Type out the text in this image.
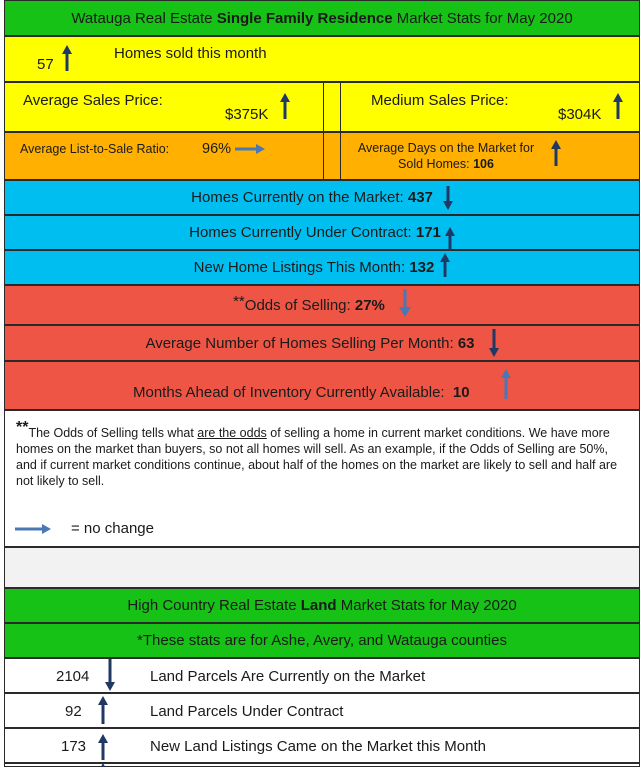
Watauga Real Estate Single Family Residence Market Stats for May 2020
57
Homes sold this month
Average Sales Price:
$375K
Medium Sales Price:
$304K
Average List-to-Sale Ratio: 96%	Average Days on the Market for
Sold Homes: 106
Homes Currently on the Market:
437
Homes Currently Under Contract:
171
New Home Listings This Month:
132
** Odds of Selling:
27%
Average Number of Homes Selling Per Month:
63
Months Ahead of Inventory Currently Available:  10
**The Odds of Selling tells what are the odds of selling a home in current market conditions. We have more homes on the market than buyers, so not all homes will sell. As an example, if the Odds of Selling are 50%, and if current market conditions continue, about half of the homes on the market are likely to sell and half are not likely to sell.
= no change
High Country Real Estate Land Market Stats for May 2020
*These stats are for Ashe, Avery, and Watauga counties
2104	Land Parcels Are Currently on the Market
92	Land Parcels Under Contract
173	New Land Listings Came on the Market this Month
